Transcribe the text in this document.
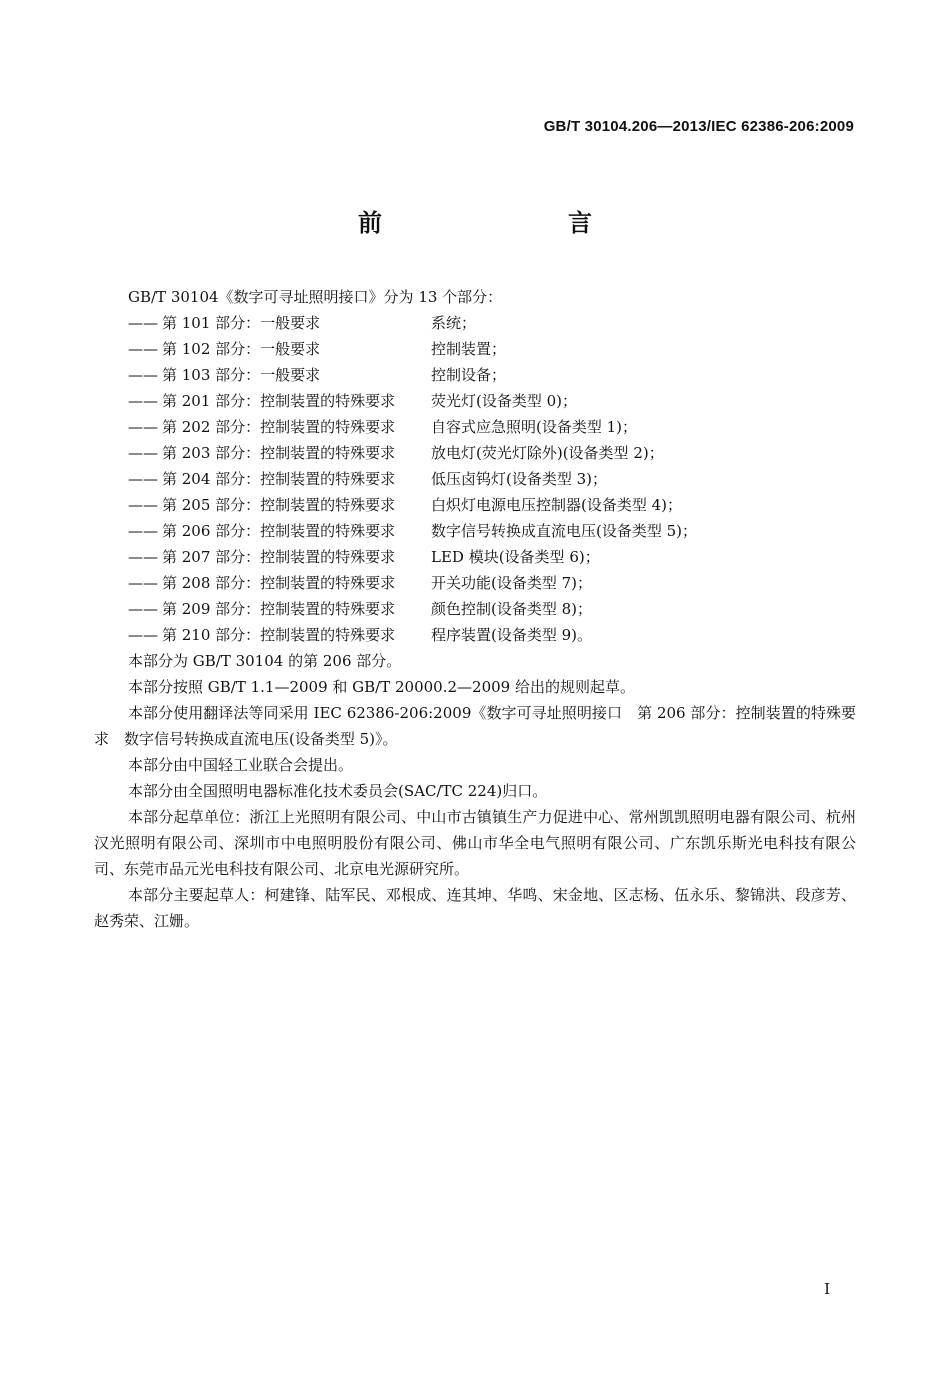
GB/T 30104.206—2013/IEC 62386-206:2009
前　　言
GB/T 30104《数字可寻址照明接口》分为 13 个部分：
—— 第 101 部分：一般要求	系统；
—— 第 102 部分：一般要求	控制装置；
—— 第 103 部分：一般要求	控制设备；
—— 第 201 部分：控制装置的特殊要求	荧光灯(设备类型 0)；
—— 第 202 部分：控制装置的特殊要求	自容式应急照明(设备类型 1)；
—— 第 203 部分：控制装置的特殊要求	放电灯(荧光灯除外)(设备类型 2)；
—— 第 204 部分：控制装置的特殊要求	低压卤钨灯(设备类型 3)；
—— 第 205 部分：控制装置的特殊要求	白炽灯电源电压控制器(设备类型 4)；
—— 第 206 部分：控制装置的特殊要求	数字信号转换成直流电压(设备类型 5)；
—— 第 207 部分：控制装置的特殊要求	LED 模块(设备类型 6)；
—— 第 208 部分：控制装置的特殊要求	开关功能(设备类型 7)；
—— 第 209 部分：控制装置的特殊要求	颜色控制(设备类型 8)；
—— 第 210 部分：控制装置的特殊要求	程序装置(设备类型 9)。
本部分为 GB/T 30104 的第 206 部分。
本部分按照 GB/T 1.1—2009 和 GB/T 20000.2—2009 给出的规则起草。
本部分使用翻译法等同采用 IEC 62386-206:2009《数字可寻址照明接口　第 206 部分：控制装置的特殊要求　数字信号转换成直流电压(设备类型 5)》。
本部分由中国轻工业联合会提出。
本部分由全国照明电器标准化技术委员会(SAC/TC 224)归口。
本部分起草单位：浙江上光照明有限公司、中山市古镇镇生产力促进中心、常州凯凯照明电器有限公司、杭州汉光照明有限公司、深圳市中电照明股份有限公司、佛山市华全电气照明有限公司、广东凯乐斯光电科技有限公司、东莞市品元光电科技有限公司、北京电光源研究所。
本部分主要起草人：柯建锋、陆军民、邓根成、连其坤、华鸣、宋金地、区志杨、伍永乐、黎锦洪、段彦芳、赵秀荣、江姗。
I
